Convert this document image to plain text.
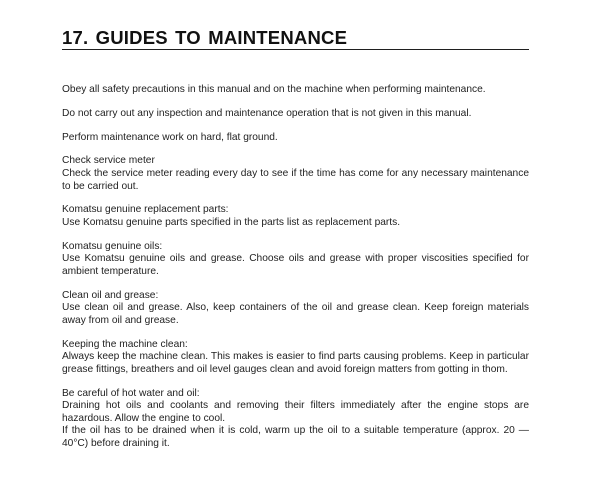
17. GUIDES TO MAINTENANCE

Obey all safety precautions in this manual and on the machine when performing maintenance.

Do not carry out any inspection and maintenance operation that is not given in this manual.

Perform maintenance work on hard, flat ground.

Check service meter
Check the service meter reading every day to see if the time has come for any necessary maintenance to be carried out.

Komatsu genuine replacement parts:
Use Komatsu genuine parts specified in the parts list as replacement parts.

Komatsu genuine oils:
Use Komatsu genuine oils and grease. Choose oils and grease with proper viscosities specified for ambient temperature.

Clean oil and grease:
Use clean oil and grease. Also, keep containers of the oil and grease clean. Keep foreign materials away from oil and grease.

Keeping the machine clean:
Always keep the machine clean. This makes is easier to find parts causing problems. Keep in particular grease fittings, breathers and oil level gauges clean and avoid foreign matters from gotting in thom.

Be careful of hot water and oil:
Draining hot oils and coolants and removing their filters immediately after the engine stops are hazardous. Allow the engine to cool.
If the oil has to be drained when it is cold, warm up the oil to a suitable temperature (approx. 20 — 40°C) before draining it.
